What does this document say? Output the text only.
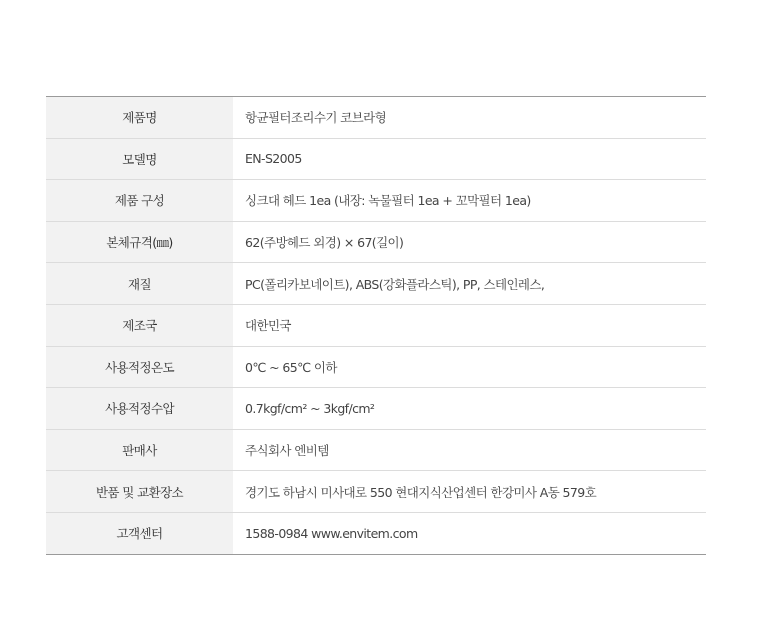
제품명	항균필터조리수기 코브라형
모델명	EN-S2005
제품 구성	싱크대 헤드 1ea (내장: 녹물필터 1ea + 꼬막필터 1ea)
본체규격(㎜)	62(주방헤드 외경) × 67(길이)
재질	PC(폴리카보네이트), ABS(강화플라스틱), PP, 스테인레스,
제조국	대한민국
사용적정온도	0℃ ~ 65℃ 이하
사용적정수압	0.7kgf/cm² ~ 3kgf/cm²
판매사	주식회사 엔비템
반품 및 교환장소	경기도 하남시 미사대로 550 현대지식산업센터 한강미사 A동 579호
고객센터	1588-0984 www.envitem.com
